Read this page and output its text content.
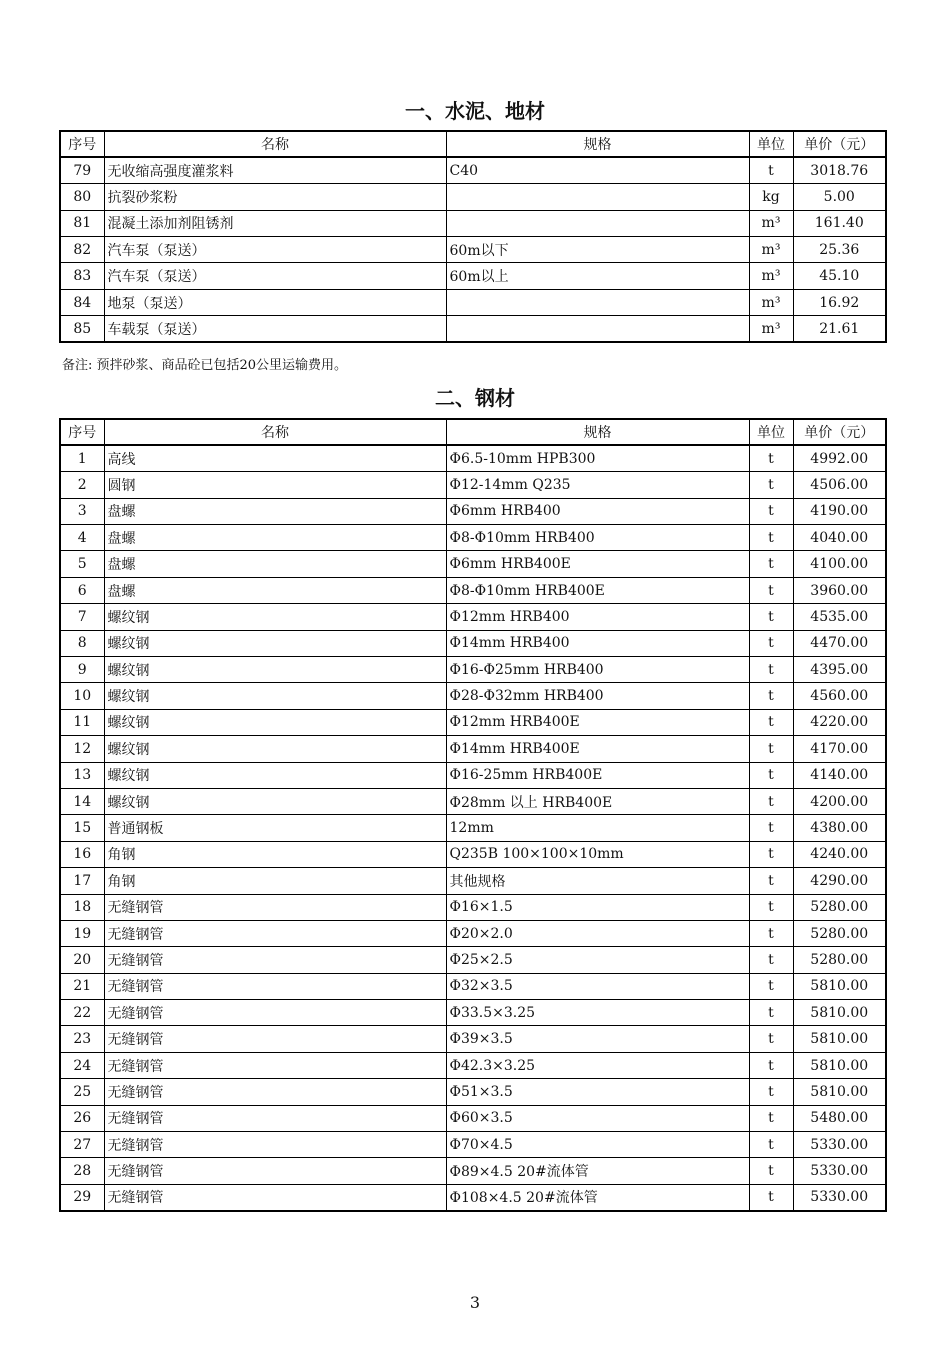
一、水泥、地材
序号	名称	规格	单位	单价（元）
79	无收缩高强度灌浆料	C40	t	3018.76
80	抗裂砂浆粉		kg	5.00
81	混凝土添加剂阻锈剂		m³	161.40
82	汽车泵（泵送）	60m以下	m³	25.36
83	汽车泵（泵送）	60m以上	m³	45.10
84	地泵（泵送）		m³	16.92
85	车载泵（泵送）		m³	21.61
备注: 预拌砂浆、商品砼已包括20公里运输费用。
二、钢材
序号	名称	规格	单位	单价（元）
1	高线	Φ6.5-10mm HPB300	t	4992.00
2	圆钢	Φ12-14mm Q235	t	4506.00
3	盘螺	Φ6mm HRB400	t	4190.00
4	盘螺	Φ8-Φ10mm HRB400	t	4040.00
5	盘螺	Φ6mm HRB400E	t	4100.00
6	盘螺	Φ8-Φ10mm HRB400E	t	3960.00
7	螺纹钢	Φ12mm HRB400	t	4535.00
8	螺纹钢	Φ14mm HRB400	t	4470.00
9	螺纹钢	Φ16-Φ25mm HRB400	t	4395.00
10	螺纹钢	Φ28-Φ32mm HRB400	t	4560.00
11	螺纹钢	Φ12mm HRB400E	t	4220.00
12	螺纹钢	Φ14mm HRB400E	t	4170.00
13	螺纹钢	Φ16-25mm HRB400E	t	4140.00
14	螺纹钢	Φ28mm 以上 HRB400E	t	4200.00
15	普通钢板	12mm	t	4380.00
16	角钢	Q235B 100×100×10mm	t	4240.00
17	角钢	其他规格	t	4290.00
18	无缝钢管	Φ16×1.5	t	5280.00
19	无缝钢管	Φ20×2.0	t	5280.00
20	无缝钢管	Φ25×2.5	t	5280.00
21	无缝钢管	Φ32×3.5	t	5810.00
22	无缝钢管	Φ33.5×3.25	t	5810.00
23	无缝钢管	Φ39×3.5	t	5810.00
24	无缝钢管	Φ42.3×3.25	t	5810.00
25	无缝钢管	Φ51×3.5	t	5810.00
26	无缝钢管	Φ60×3.5	t	5480.00
27	无缝钢管	Φ70×4.5	t	5330.00
28	无缝钢管	Φ89×4.5 20#流体管	t	5330.00
29	无缝钢管	Φ108×4.5 20#流体管	t	5330.00
3
